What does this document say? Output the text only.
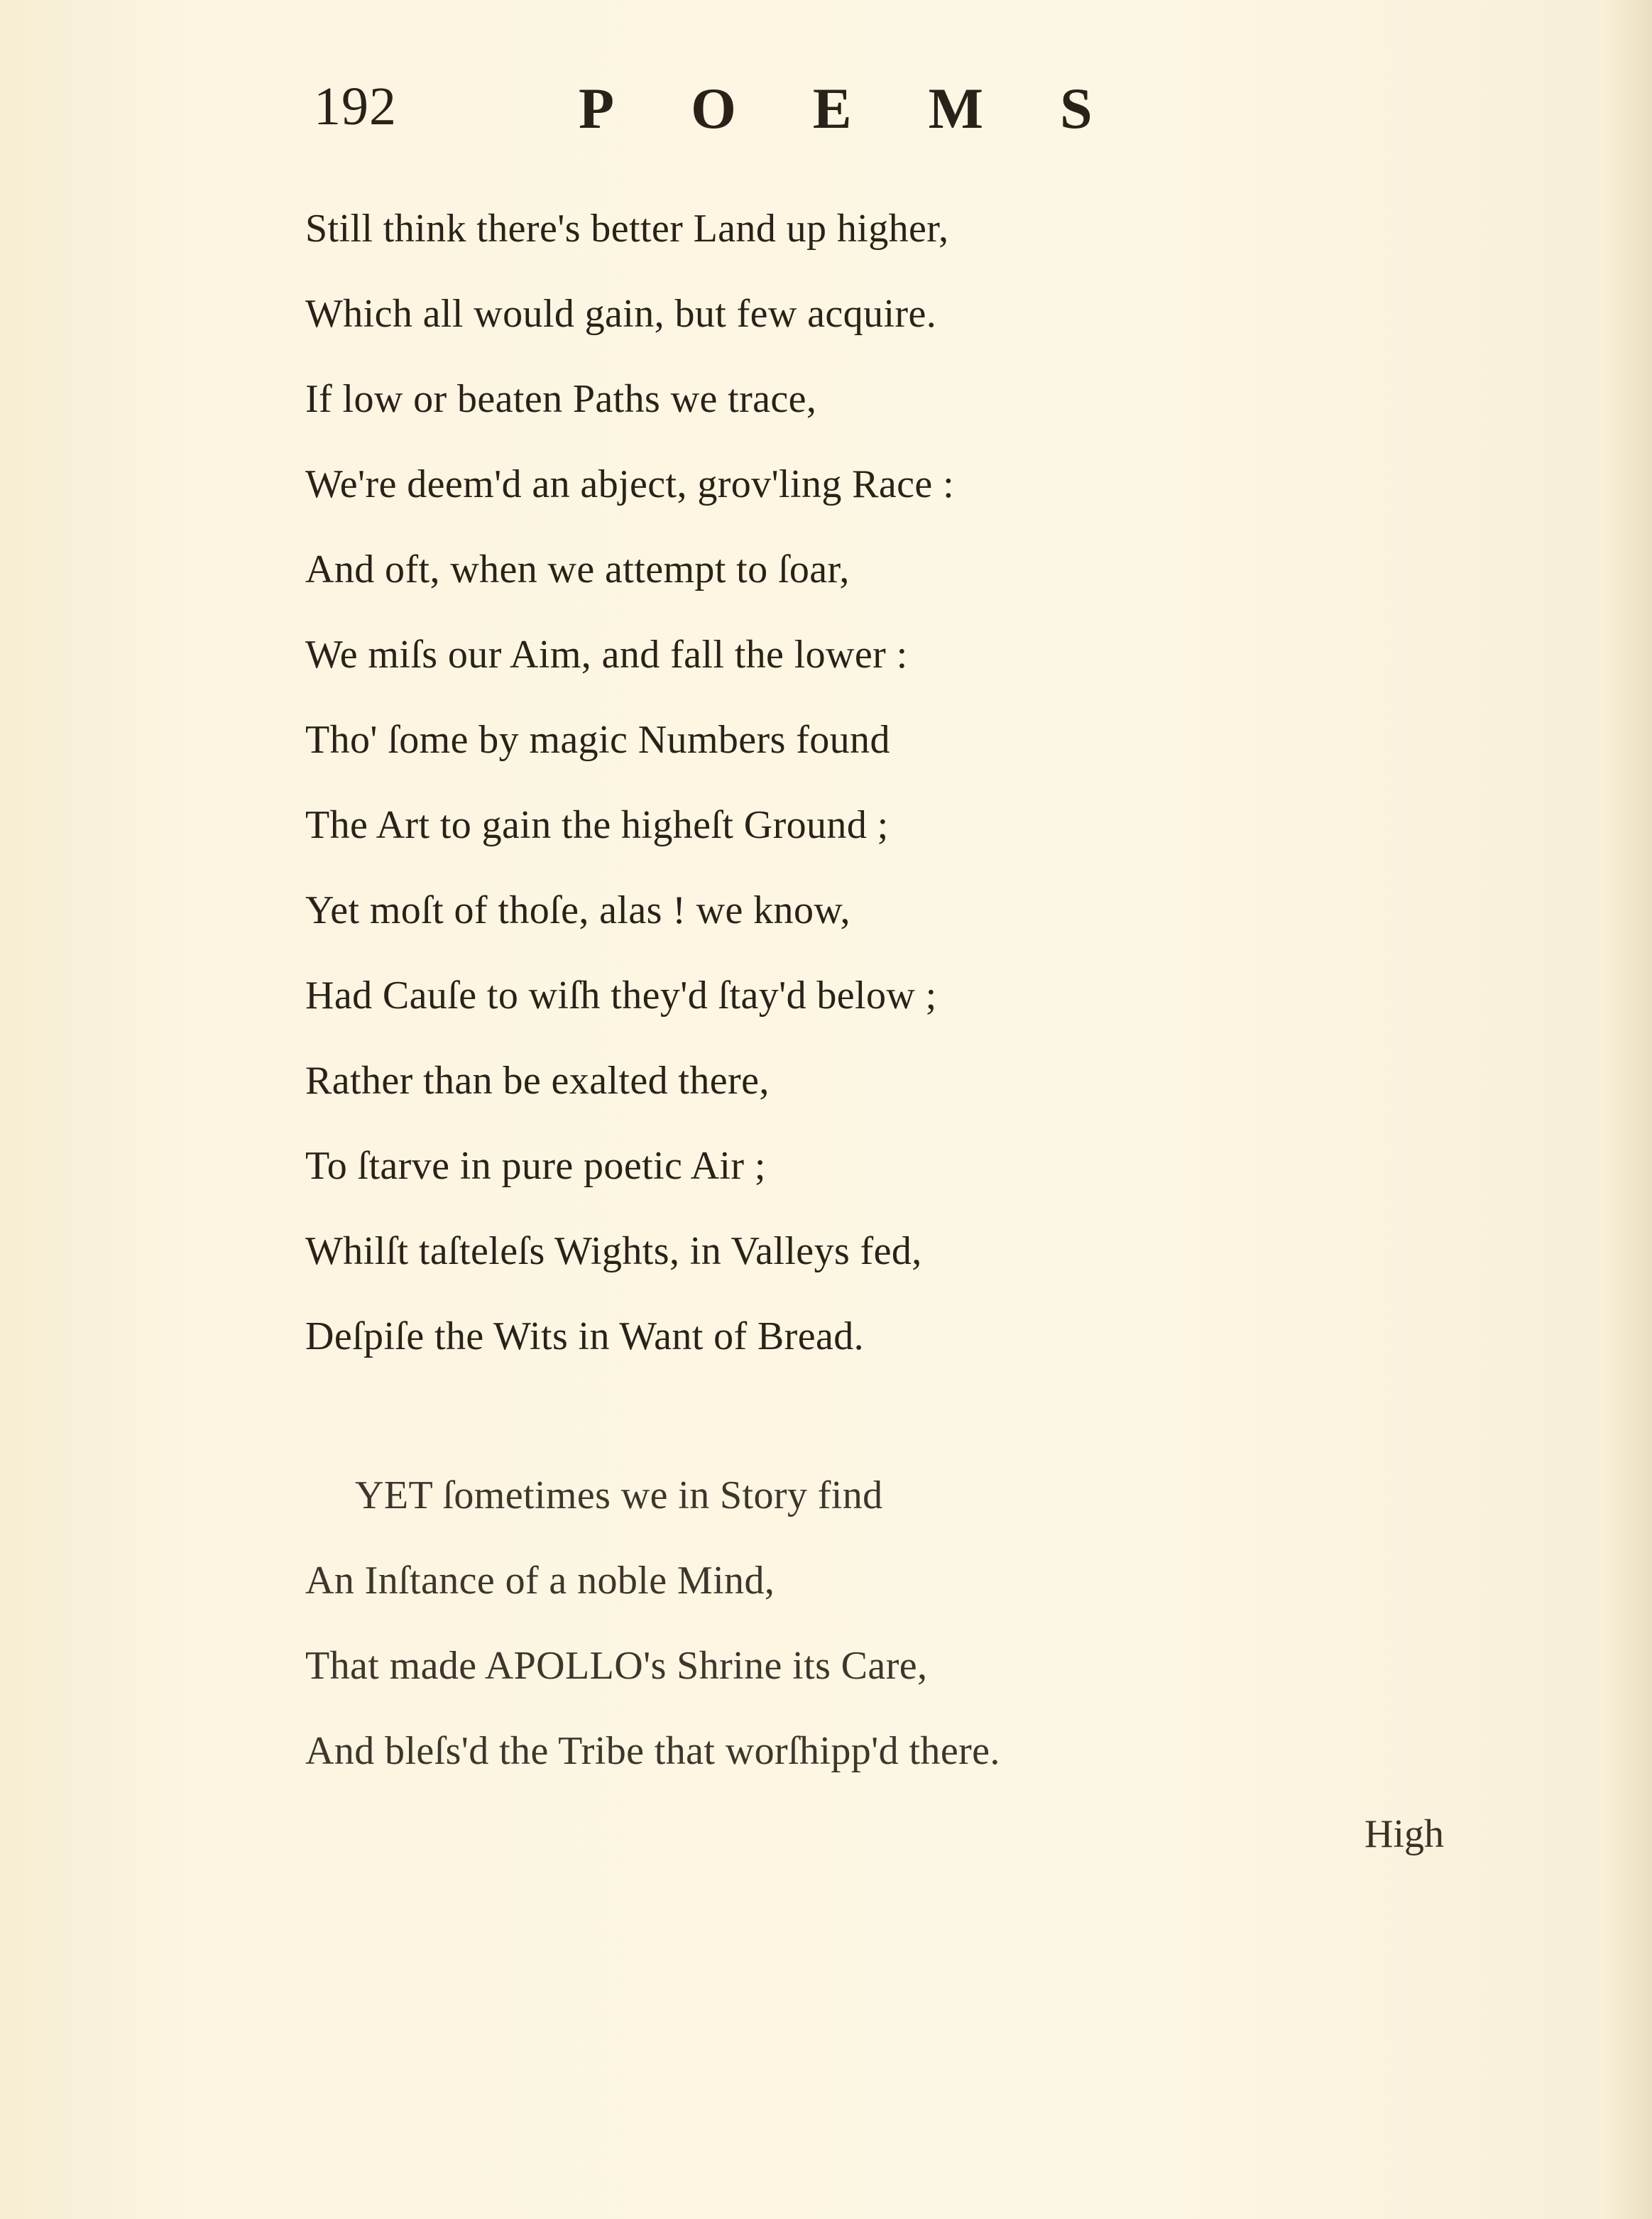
192	POEMS
Still think there's better Land up higher,
Which all would gain, but few acquire.
If low or beaten Paths we trace,
We're deem'd an abject, grov'ling Race :
And oft, when we attempt to ſoar,
We miſs our Aim, and fall the lower :
Tho' ſome by magic Numbers found
The Art to gain the higheſt Ground ;
Yet moſt of thoſe, alas ! we know,
Had Cauſe to wiſh they'd ſtay'd below ;
Rather than be exalted there,
To ſtarve in pure poetic Air ;
Whilſt taſteleſs Wights, in Valleys fed,
Deſpiſe the Wits in Want of Bread.
YET ſometimes we in Story find
An Inſtance of a noble Mind,
That made APOLLO's Shrine its Care,
And bleſs'd the Tribe that worſhipp'd there.
High
